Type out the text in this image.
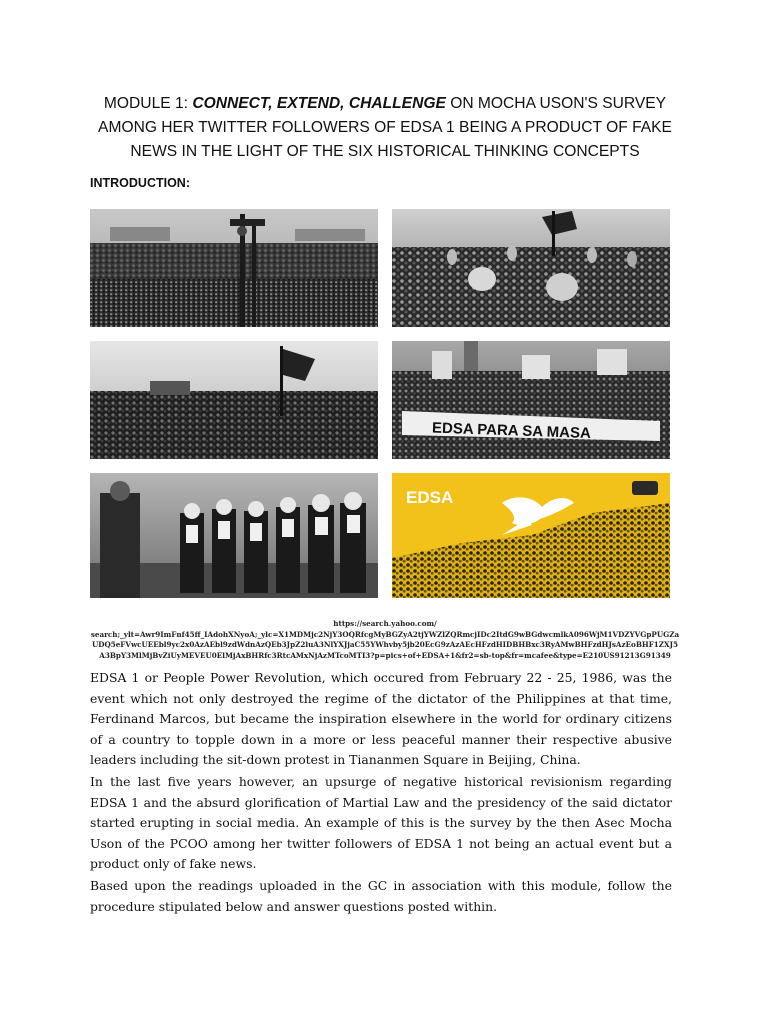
MODULE 1: CONNECT, EXTEND, CHALLENGE ON MOCHA USON'S SURVEY AMONG HER TWITTER FOLLOWERS OF EDSA 1 BEING A PRODUCT OF FAKE NEWS IN THE LIGHT OF THE SIX HISTORICAL THINKING CONCEPTS
INTRODUCTION:
EDSA PARA SA MASA
EDSA
https://search.yahoo.com/
search;_ylt=Awr9ImFnf45ff_IAdohXNyoA;_ylc=X1MDMjc2NjY3OQRfcgMyBGZyA2tjYWZlZQRmcjIDc2ItdG9wBGdwcmlkA096WjM1VDZYVGpPUGZa
UDQ5eFVwcUEEbl9yc2x0AzAEbl9zdWdnAzQEb3JpZ2luA3NlYXJjaC55YWhvby5jb20EcG9zAzAEcHFzdHIDBHBxc3RyAMwBHFzdHJsAzEoBHF1ZXJ5
A3BpY3MlMjBvZiUyMEVEU0ElMjAxBHRfc3RtcAMxNjAzMTcoMTI3?p=pics+of+EDSA+1&fr2=sb-top&fr=mcafee&type=E210US91213G91349

EDSA 1 or People Power Revolution, which occured from February 22 - 25, 1986, was the event which not only destroyed the regime of the dictator of the Philippines at that time, Ferdinand Marcos, but became the inspiration elsewhere in the world for ordinary citizens of a country to topple down in a more or less peaceful manner their respective abusive leaders including the sit-down protest in Tiananmen Square in Beijing, China.

In the last five years however, an upsurge of negative historical revisionism regarding EDSA 1 and the absurd glorification of Martial Law and the presidency of the said dictator started erupting in social media. An example of this is the survey by the then Asec Mocha Uson of the PCOO among her twitter followers of EDSA 1 not being an actual event but a product only of fake news.

Based upon the readings uploaded in the GC in association with this module, follow the procedure stipulated below and answer questions posted within.
